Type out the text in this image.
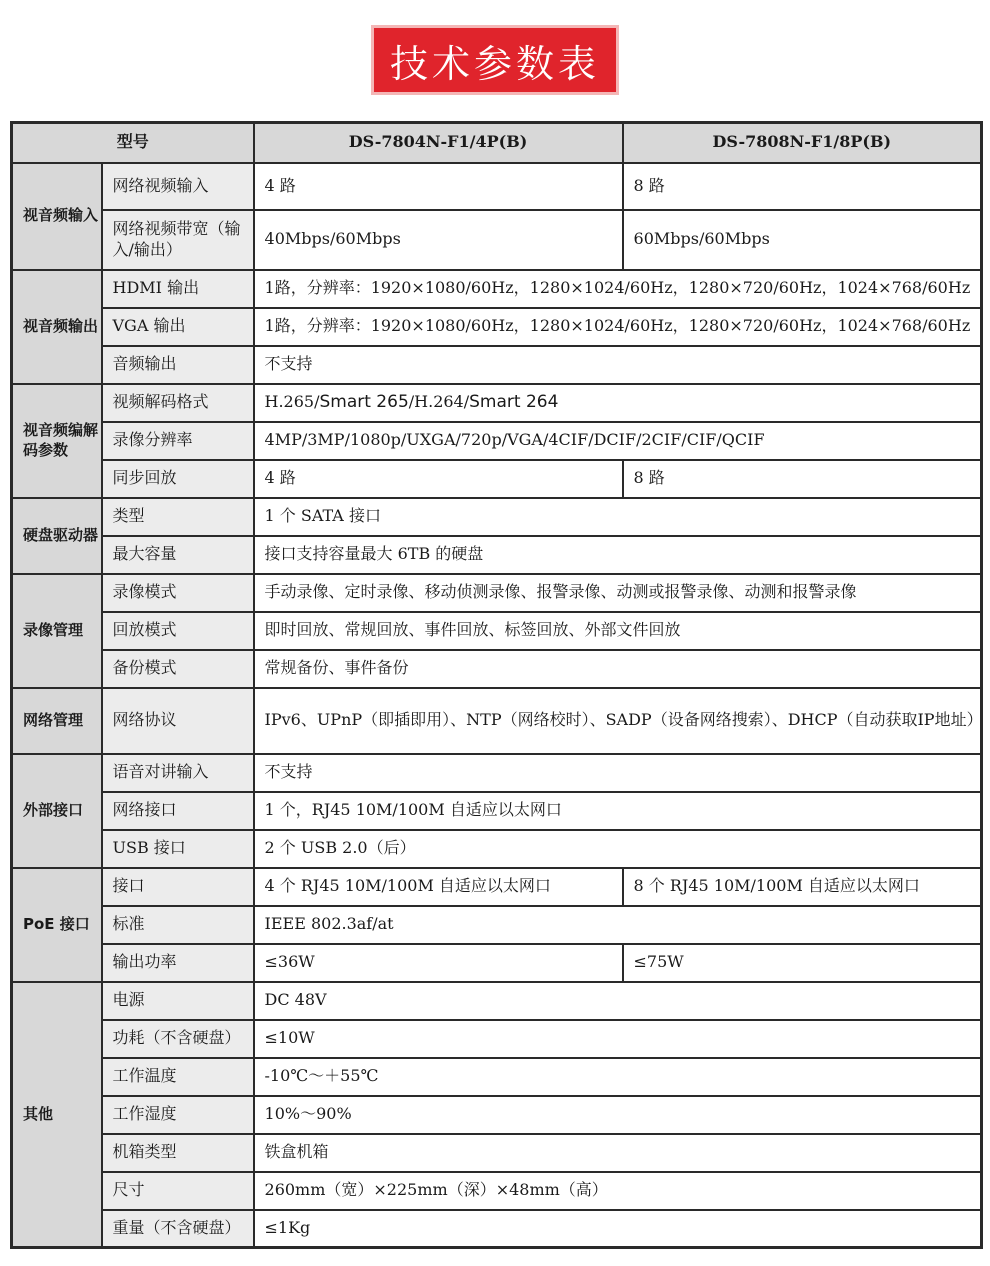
技术参数表
型号		DS-7804N-F1/4P(B)	DS-7808N-F1/8P(B)
视音频输入	网络视频输入	4 路	8 路
	网络视频带宽（输入/输出）	40Mbps/60Mbps	60Mbps/60Mbps
视音频输出	HDMI 输出	1路，分辨率：1920×1080/60Hz，1280×1024/60Hz，1280×720/60Hz，1024×768/60Hz	
	VGA 输出	1路，分辨率：1920×1080/60Hz，1280×1024/60Hz，1280×720/60Hz，1024×768/60Hz	
	音频输出	不支持	
视音频编解码参数	视频解码格式	H.265/Smart 265/H.264/Smart 264	
	录像分辨率	4MP/3MP/1080p/UXGA/720p/VGA/4CIF/DCIF/2CIF/CIF/QCIF	
	同步回放	4 路	8 路
硬盘驱动器	类型	1 个 SATA 接口	
	最大容量	接口支持容量最大 6TB 的硬盘	
录像管理	录像模式	手动录像、定时录像、移动侦测录像、报警录像、动测或报警录像、动测和报警录像	
	回放模式	即时回放、常规回放、事件回放、标签回放、外部文件回放	
	备份模式	常规备份、事件备份	
网络管理	网络协议	IPv6、UPnP（即插即用）、NTP（网络校时）、SADP（设备网络搜索）、DHCP（自动获取IP地址）	
外部接口	语音对讲输入	不支持	
	网络接口	1 个，RJ45 10M/100M 自适应以太网口	
	USB 接口	2 个 USB 2.0（后）	
PoE 接口	接口	4 个 RJ45 10M/100M 自适应以太网口	8 个 RJ45 10M/100M 自适应以太网口
	标准	IEEE 802.3af/at	
	输出功率	≤36W	≤75W
其他	电源	DC 48V	
	功耗（不含硬盘）	≤10W	
	工作温度	-10℃～＋55℃	
	工作湿度	10%～90%	
	机箱类型	铁盒机箱	
	尺寸	260mm（宽）×225mm（深）×48mm（高）	
	重量（不含硬盘）	≤1Kg	
